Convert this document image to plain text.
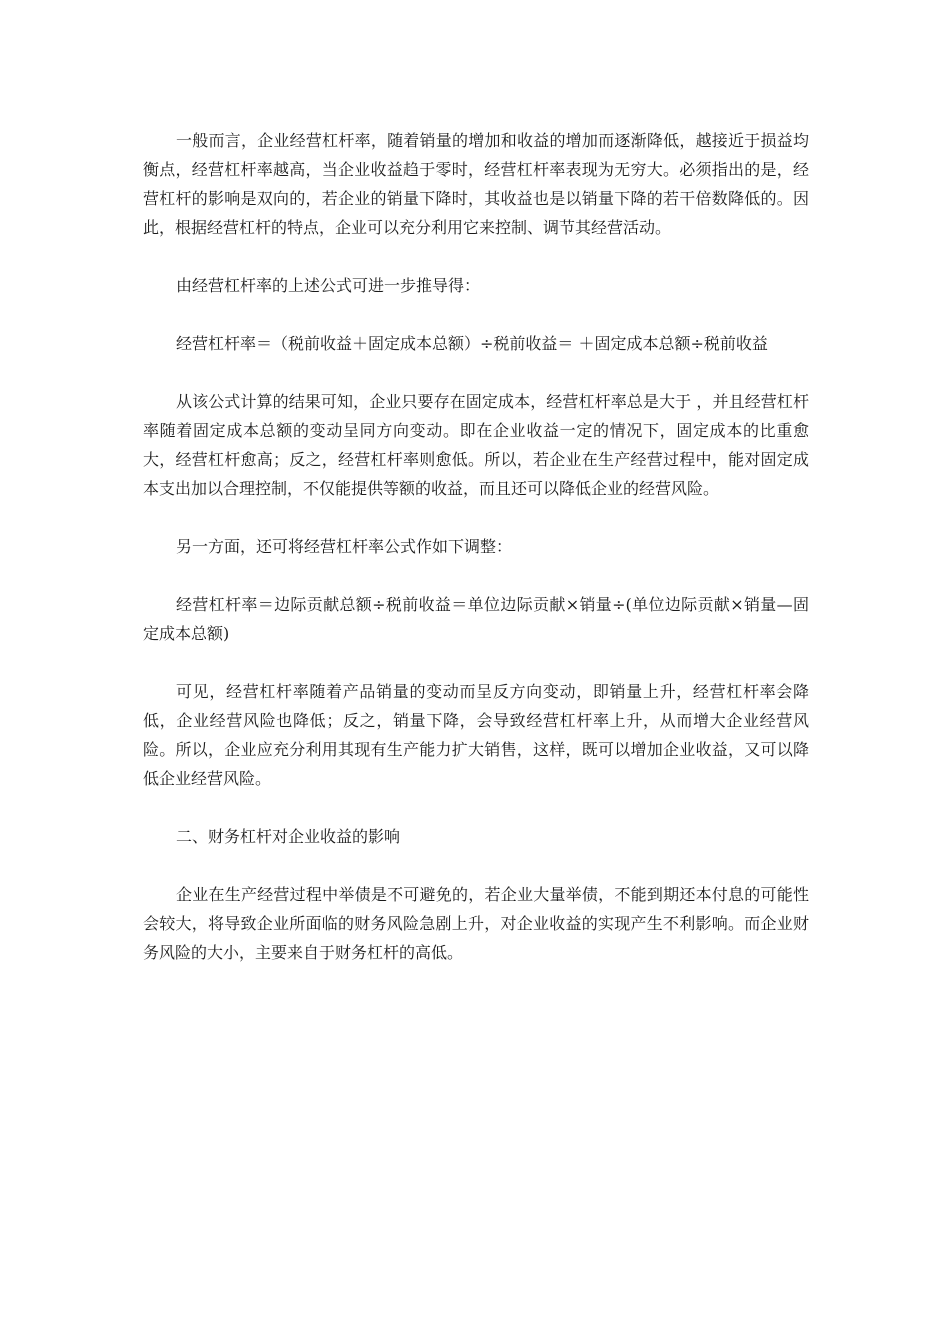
一般而言，企业经营杠杆率，随着销量的增加和收益的增加而逐渐降低，越接近于损益均衡点，经营杠杆率越高，当企业收益趋于零时，经营杠杆率表现为无穷大。必须指出的是，经营杠杆的影响是双向的，若企业的销量下降时，其收益也是以销量下降的若干倍数降低的。因此，根据经营杠杆的特点，企业可以充分利用它来控制、调节其经营活动。

由经营杠杆率的上述公式可进一步推导得：

经营杠杆率＝（税前收益＋固定成本总额）÷税前收益＝ ＋固定成本总额÷税前收益

从该公式计算的结果可知，企业只要存在固定成本，经营杠杆率总是大于 ，并且经营杠杆率随着固定成本总额的变动呈同方向变动。即在企业收益一定的情况下，固定成本的比重愈大，经营杠杆愈高；反之，经营杠杆率则愈低。所以，若企业在生产经营过程中，能对固定成本支出加以合理控制，不仅能提供等额的收益，而且还可以降低企业的经营风险。

另一方面，还可将经营杠杆率公式作如下调整：

经营杠杆率＝边际贡献总额÷税前收益＝单位边际贡献×销量÷(单位边际贡献×销量—固定成本总额)

可见，经营杠杆率随着产品销量的变动而呈反方向变动，即销量上升，经营杠杆率会降低，企业经营风险也降低；反之，销量下降，会导致经营杠杆率上升，从而增大企业经营风险。所以，企业应充分利用其现有生产能力扩大销售，这样，既可以增加企业收益，又可以降低企业经营风险。

二、财务杠杆对企业收益的影响

企业在生产经营过程中举债是不可避免的，若企业大量举债，不能到期还本付息的可能性会较大，将导致企业所面临的财务风险急剧上升，对企业收益的实现产生不利影响。而企业财务风险的大小，主要来自于财务杠杆的高低。
